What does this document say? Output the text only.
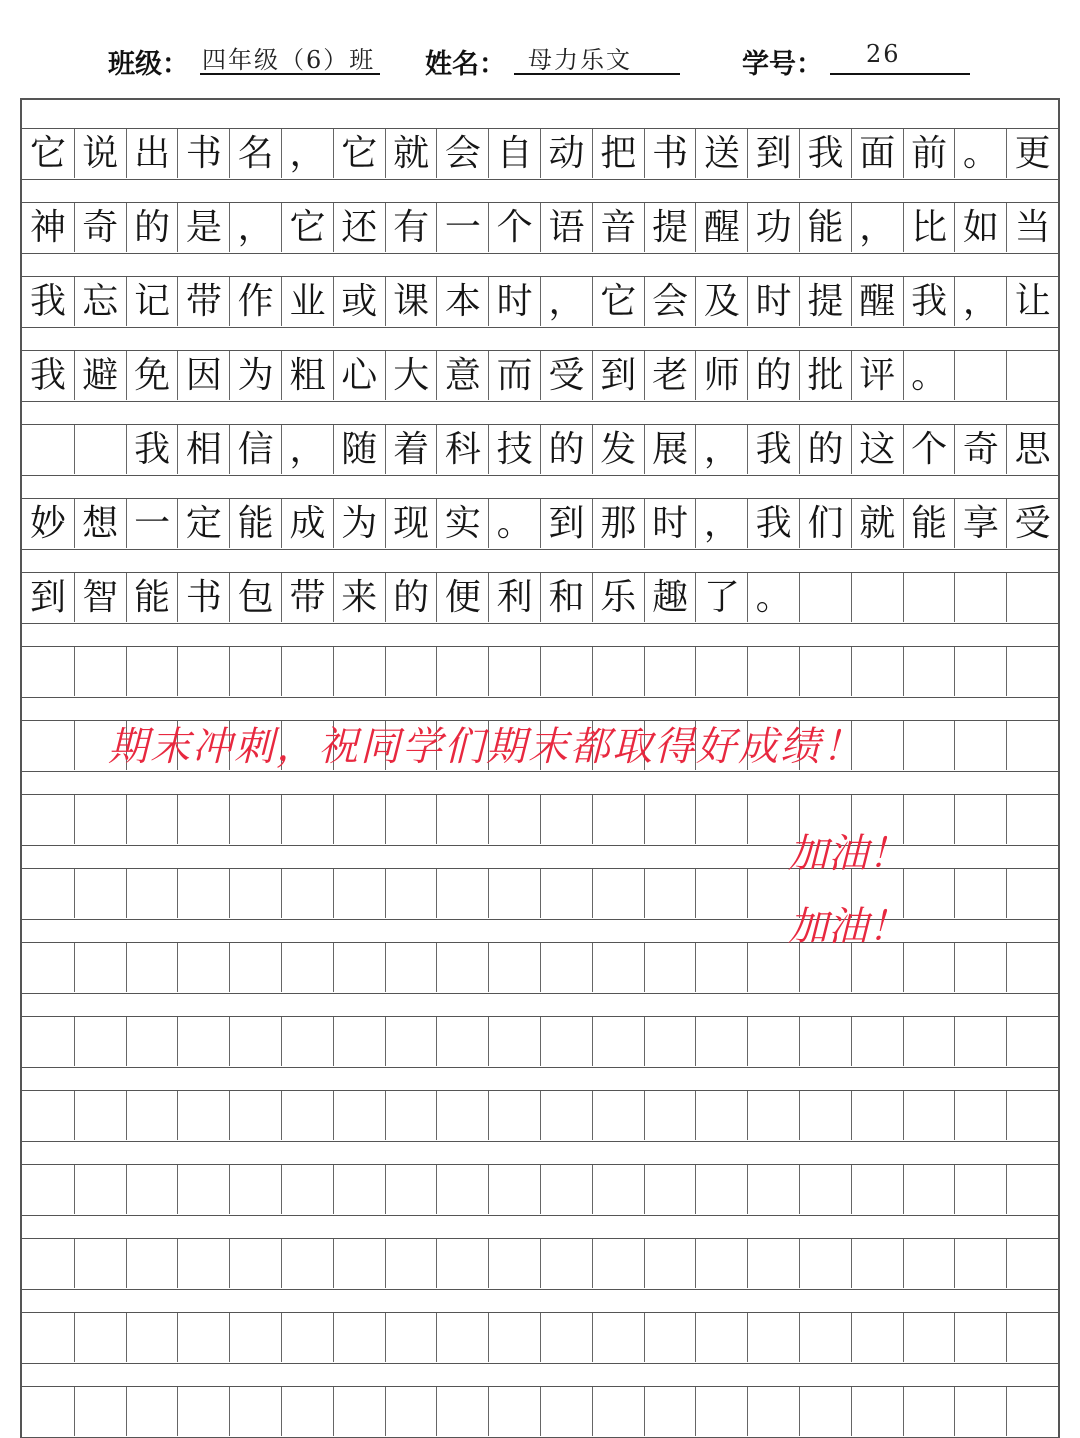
班级： 四年级（6）班 姓名： 母力乐文	学号： 26
它 说 出 书 名 ， 它 就 会 自 动 把 书 送 到 我 面 前 。 更
神 奇 的 是 ， 它 还 有 一 个 语 音 提 醒 功 能 ， 比 如 当
我 忘 记 带 作 业 或 课 本 时 ， 它 会 及 时 提 醒 我 ， 让
我 避 免 因 为 粗 心 大 意 而 受 到 老 师 的 批 评 。
我 相 信 ， 随 着 科 技 的 发 展 ， 我 的 这 个 奇 思
妙 想 一 定 能 成 为 现 实 。 到 那 时 ， 我 们 就 能 享 受
到 智 能 书 包 带 来 的 便 利 和 乐 趣 了 。
期末冲刺，祝同学们期末都取得好成绩！
加油！
加油！
